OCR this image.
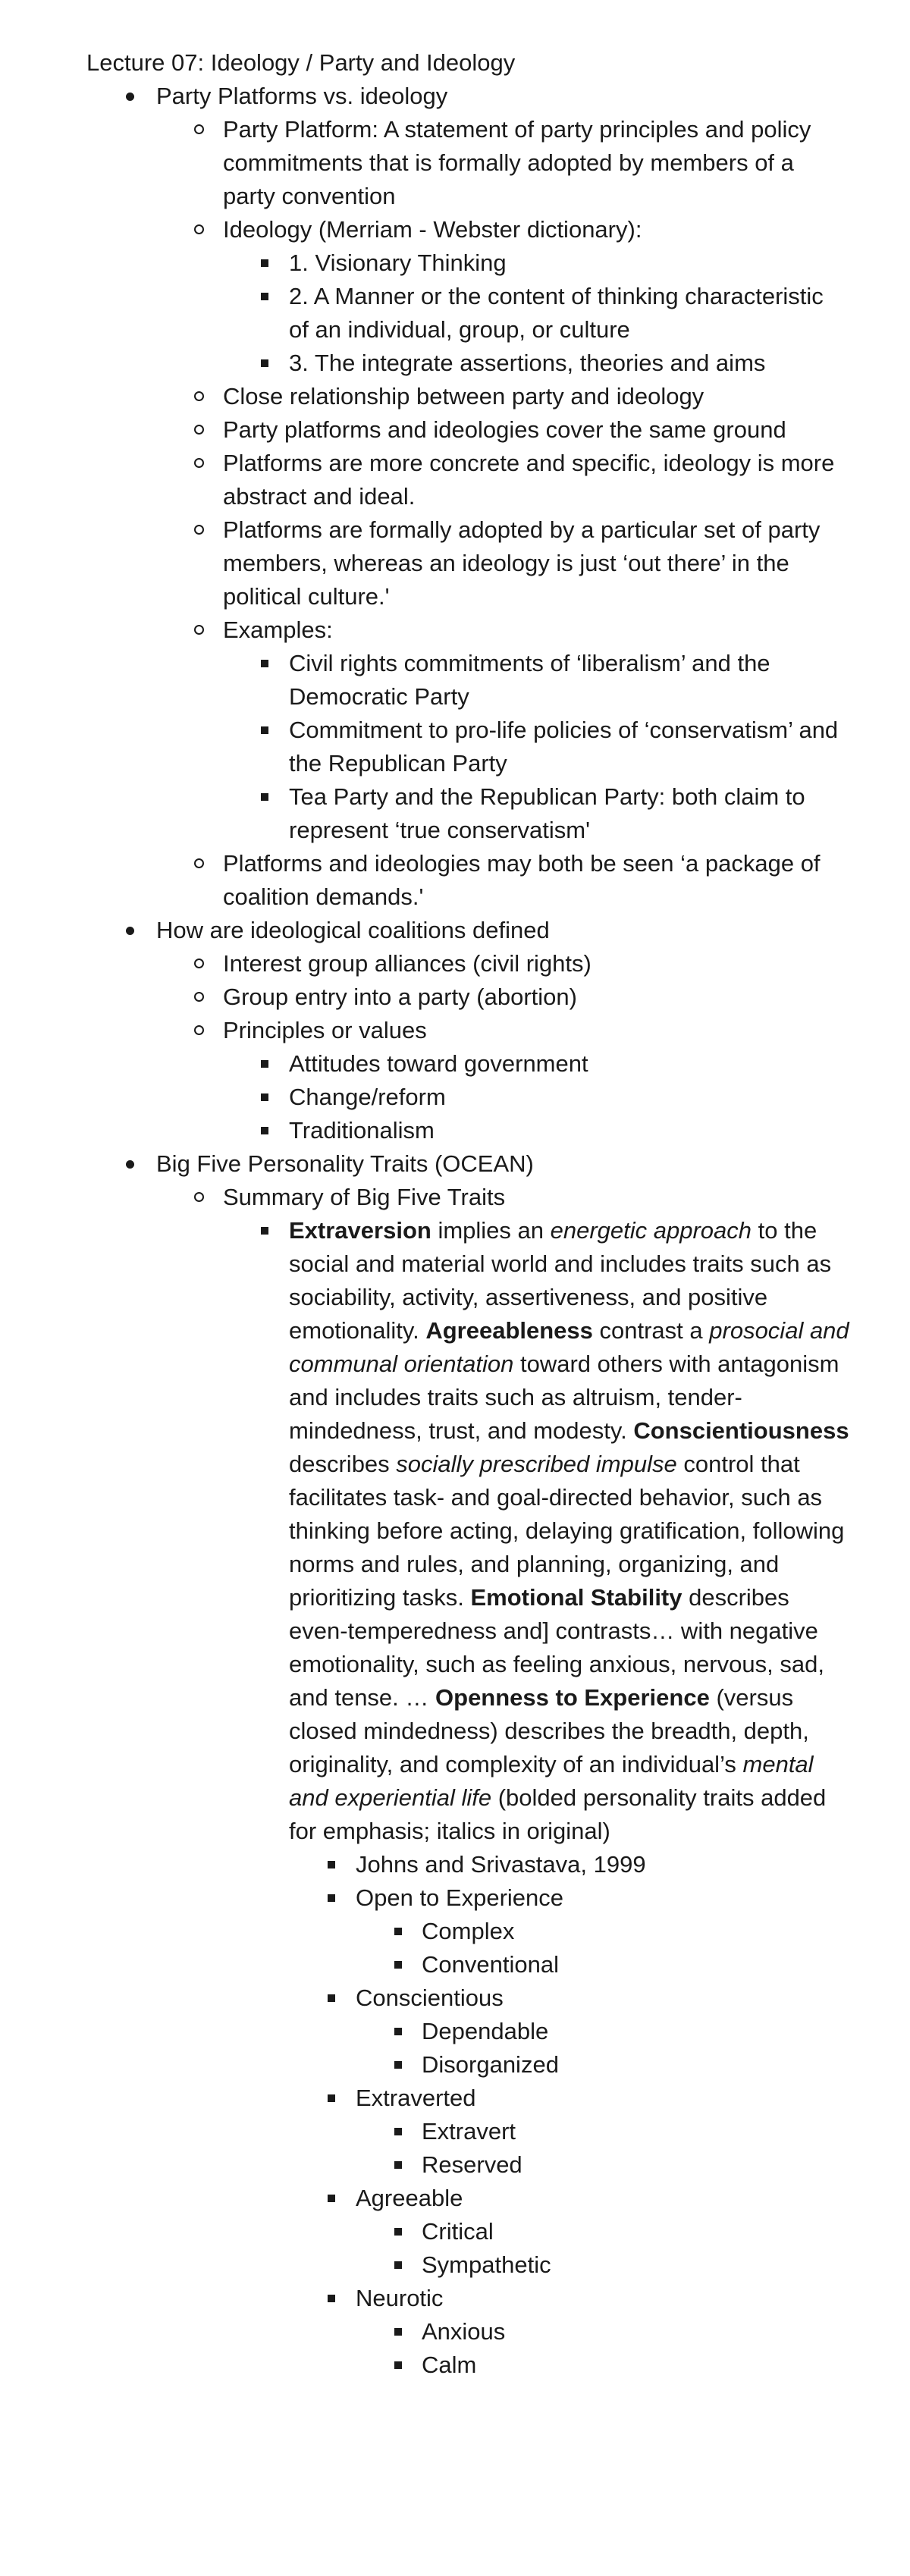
Lecture 07: Ideology / Party and Ideology
Party Platforms vs. ideology
Party Platform: A statement of party principles and policy commitments that is formally adopted by members of a party convention
Ideology (Merriam - Webster dictionary):
1. Visionary Thinking
2. A Manner or the content of thinking characteristic of an individual, group, or culture
3. The integrate assertions, theories and aims
Close relationship between party and ideology
Party platforms and ideologies cover the same ground
Platforms are more concrete and specific, ideology is more abstract and ideal.
Platforms are formally adopted by a particular set of party members, whereas an ideology is just ‘out there’ in the political culture.'
Examples:
Civil rights commitments of ‘liberalism’ and the Democratic Party
Commitment to pro-life policies of ‘conservatism’ and the Republican Party
Tea Party and the Republican Party: both claim to represent ‘true conservatism'
Platforms and ideologies may both be seen ‘a package of coalition demands.'
How are ideological coalitions defined
Interest group alliances (civil rights)
Group entry into a party (abortion)
Principles or values
Attitudes toward government
Change/reform
Traditionalism
Big Five Personality Traits (OCEAN)
Summary of Big Five Traits
Extraversion implies an energetic approach to the social and material world and includes traits such as sociability, activity, assertiveness, and positive emotionality. Agreeableness contrast a prosocial and communal orientation toward others with antagonism and includes traits such as altruism, tender-mindedness, trust, and modesty. Conscientiousness describes socially prescribed impulse control that facilitates task- and goal-directed behavior, such as thinking before acting, delaying gratification, following norms and rules, and planning, organizing, and prioritizing tasks. Emotional Stability describes even-temperedness and] contrasts… with negative emotionality, such as feeling anxious, nervous, sad, and tense. … Openness to Experience (versus closed mindedness) describes the breadth, depth, originality, and complexity of an individual’s mental and experiential life (bolded personality traits added for emphasis; italics in original)
Johns and Srivastava, 1999
Open to Experience
Complex
Conventional
Conscientious
Dependable
Disorganized
Extraverted
Extravert
Reserved
Agreeable
Critical
Sympathetic
Neurotic
Anxious
Calm
